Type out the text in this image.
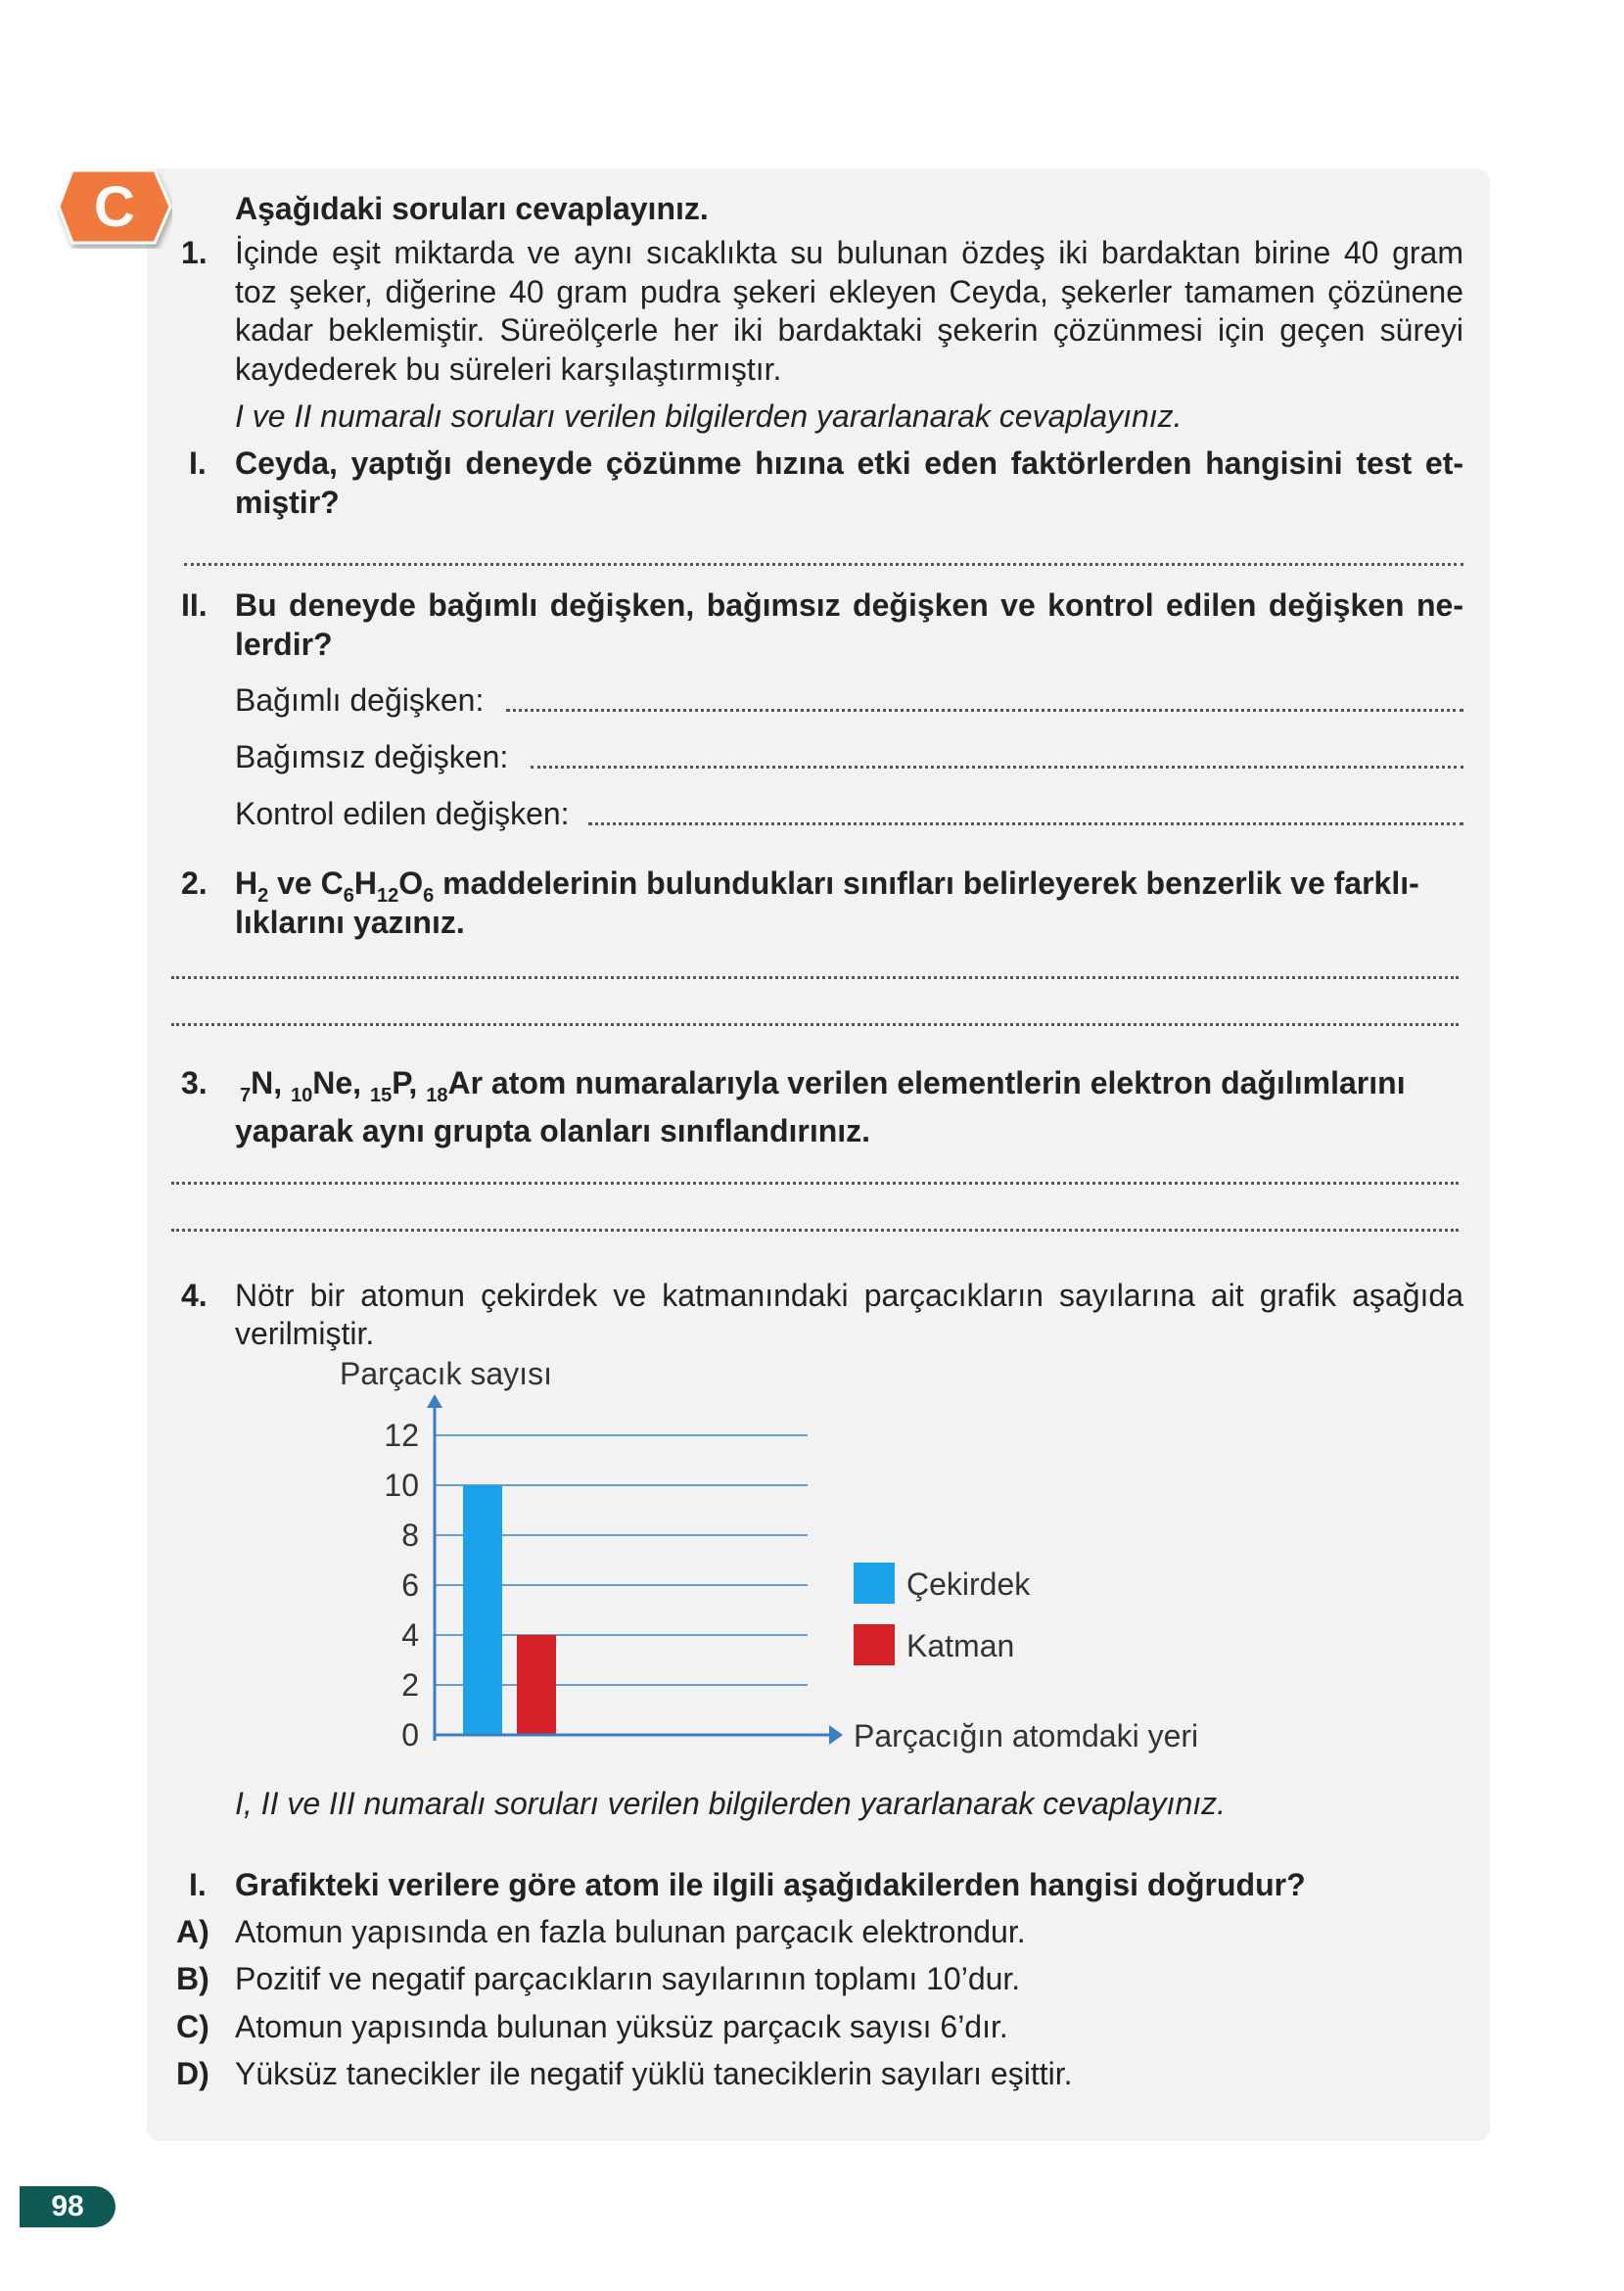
C	Aşağıdaki soruları cevaplayınız.
1. İçinde eşit miktarda ve aynı sıcaklıkta su bulunan özdeş iki bardaktan birine 40 gram
toz şeker, diğerine 40 gram pudra şekeri ekleyen Ceyda, şekerler tamamen çözünene
kadar beklemiştir. Süreölçerle her iki bardaktaki şekerin çözünmesi için geçen süreyi
kaydederek bu süreleri karşılaştırmıştır.
I ve II numaralı soruları verilen bilgilerden yararlanarak cevaplayınız.
I. Ceyda, yaptığı deneyde çözünme hızına etki eden faktörlerden hangisini test et-
miştir?
II. Bu deneyde bağımlı değişken, bağımsız değişken ve kontrol edilen değişken ne-
lerdir?
Bağımlı değişken:
Bağımsız değişken:
Kontrol edilen değişken:
2. $H_2$ ve $C_6H_{12}O_6$ maddelerinin bulundukları sınıfları belirleyerek benzerlik ve farklı-
lıklarını yazınız.
3. $_7$N, $_{10}$Ne, $_{15}$P, $_{18}$Ar atom numaralarıyla verilen elementlerin elektron dağılımlarını
yaparak aynı grupta olanları sınıflandırınız.
4. Nötr bir atomun çekirdek ve katmanındaki parçacıkların sayılarına ait grafik aşağıda
verilmiştir.
Parçacık sayısı
0
2
4
6
8
10
12
Parçacığın atomdaki yeri
Çekirdek
Katman
I, II ve III numaralı soruları verilen bilgilerden yararlanarak cevaplayınız.
I. Grafikteki verilere göre atom ile ilgili aşağıdakilerden hangisi doğrudur?
A) Atomun yapısında en fazla bulunan parçacık elektrondur.
B) Pozitif ve negatif parçacıkların sayılarının toplamı 10’dur.
C) Atomun yapısında bulunan yüksüz parçacık sayısı 6’dır.
D) Yüksüz tanecikler ile negatif yüklü taneciklerin sayıları eşittir.
98
